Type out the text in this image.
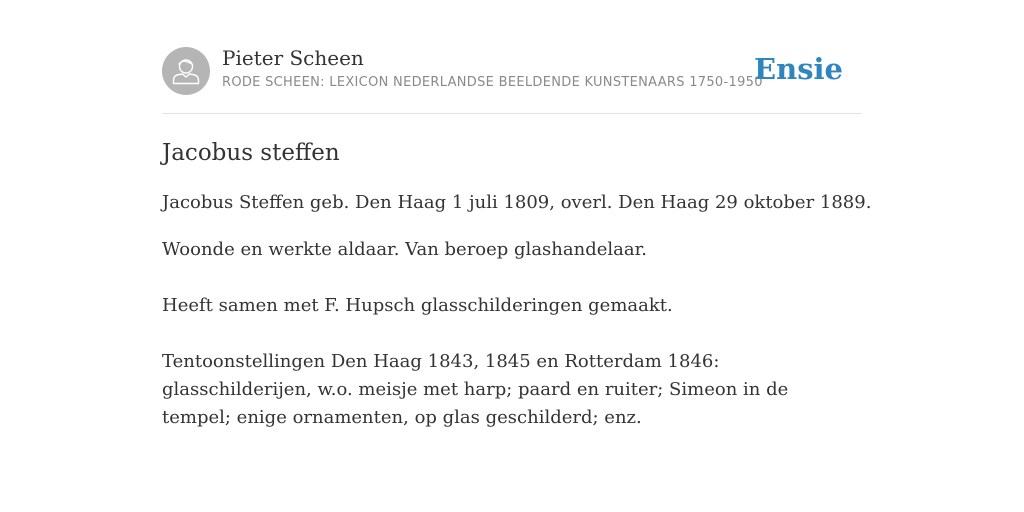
Pieter Scheen
RODE SCHEEN: LEXICON NEDERLANDSE BEELDENDE KUNSTENAARS 1750-1950
Ensie
Jacobus steffen

Jacobus Steffen geb. Den Haag 1 juli 1809, overl. Den Haag 29 oktober 1889.

Woonde en werkte aldaar. Van beroep glashandelaar.

Heeft samen met F. Hupsch glasschilderingen gemaakt.

Tentoonstellingen Den Haag 1843, 1845 en Rotterdam 1846: glasschilderijen, w.o. meisje met harp; paard en ruiter; Simeon in de tempel; enige ornamenten, op glas geschilderd; enz.
